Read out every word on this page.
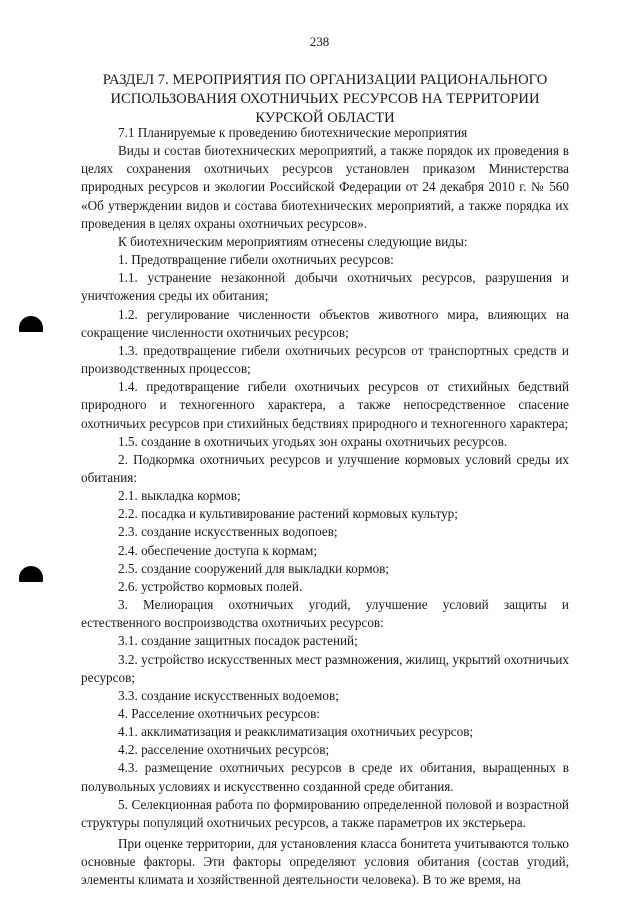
238
РАЗДЕЛ 7. МЕРОПРИЯТИЯ ПО ОРГАНИЗАЦИИ РАЦИОНАЛЬНОГО ИСПОЛЬЗОВАНИЯ ОХОТНИЧЬИХ РЕСУРСОВ НА ТЕРРИТОРИИ КУРСКОЙ ОБЛАСТИ

7.1 Планируемые к проведению биотехнические мероприятия

Виды и состав биотехнических мероприятий, а также порядок их проведения в целях сохранения охотничьих ресурсов установлен приказом Министерства природных ресурсов и экологии Российской Федерации от 24 декабря 2010 г. № 560 «Об утверждении видов и состава биотехнических мероприятий, а также порядка их проведения в целях охраны охотничьих ресурсов».

К биотехническим мероприятиям отнесены следующие виды:

1. Предотвращение гибели охотничьих ресурсов:

1.1. устранение незаконной добычи охотничьих ресурсов, разрушения и уничтожения среды их обитания;

1.2. регулирование численности объектов животного мира, влияющих на сокращение численности охотничьих ресурсов;

1.3. предотвращение гибели охотничьих ресурсов от транспортных средств и производственных процессов;

1.4. предотвращение гибели охотничьих ресурсов от стихийных бедствий природного и техногенного характера, а также непосредственное спасение охотничьих ресурсов при стихийных бедствиях природного и техногенного характера;

1.5. создание в охотничьих угодьях зон охраны охотничьих ресурсов.

2. Подкормка охотничьих ресурсов и улучшение кормовых условий среды их обитания:

2.1. выкладка кормов;

2.2. посадка и культивирование растений кормовых культур;

2.3. создание искусственных водопоев;

2.4. обеспечение доступа к кормам;

2.5. создание сооружений для выкладки кормов;

2.6. устройство кормовых полей.

3. Мелиорация охотничьих угодий, улучшение условий защиты и естественного воспроизводства охотничьих ресурсов:

3.1. создание защитных посадок растений;

3.2. устройство искусственных мест размножения, жилищ, укрытий охотничьих ресурсов;

3.3. создание искусственных водоемов;

4. Расселение охотничьих ресурсов:

4.1. акклиматизация и реакклиматизация охотничьих ресурсов;

4.2. расселение охотничьих ресурсов;

4.3. размещение охотничьих ресурсов в среде их обитания, выращенных в полувольных условиях и искусственно созданной среде обитания.

5. Селекционная работа по формированию определенной половой и возрастной структуры популяций охотничьих ресурсов, а также параметров их экстерьера.

При оценке территории, для установления класса бонитета учитываются только основные факторы. Эти факторы определяют условия обитания (состав угодий, элементы климата и хозяйственной деятельности человека). В то же время, на
